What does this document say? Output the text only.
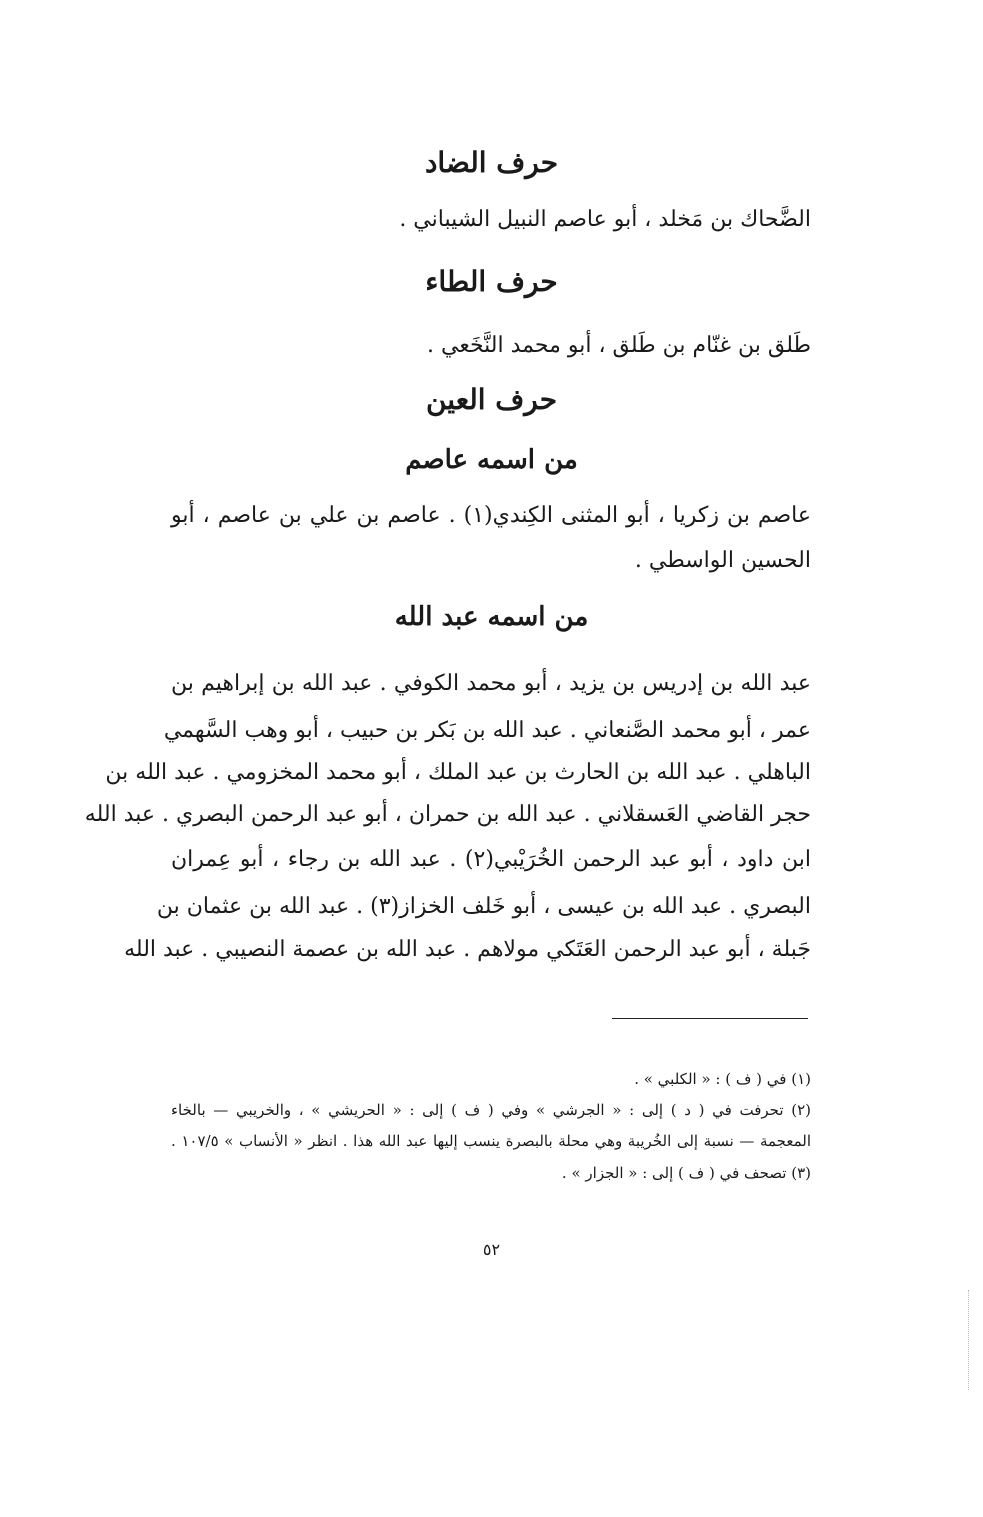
حرف الضاد
الضَّحاك بن مَخلد ، أبو عاصم النبيل الشيباني .
حرف الطاء
طَلق بن غنّام بن طَلق ، أبو محمد النَّخَعي .
حرف العين
من اسمه عاصم
عاصم بن زكريا ، أبو المثنى الكِندي(١) . عاصم بن علي بن عاصم ، أبو
الحسين الواسطي .
من اسمه عبد الله
عبد الله بن إدريس بن يزيد ، أبو محمد الكوفي . عبد الله بن إبراهيم بن
عمر ، أبو محمد الصَّنعاني . عبد الله بن بَكر بن حبيب ، أبو وهب السَّهمي
الباهلي . عبد الله بن الحارث بن عبد الملك ، أبو محمد المخزومي . عبد الله بن
حجر القاضي العَسقلاني . عبد الله بن حمران ، أبو عبد الرحمن البصري . عبد الله
ابن داود ، أبو عبد الرحمن الخُرَيْبي(٢) . عبد الله بن رجاء ، أبو عِمران
البصري . عبد الله بن عيسى ، أبو خَلف الخزاز(٣) . عبد الله بن عثمان بن
جَبلة ، أبو عبد الرحمن العَتَكي مولاهم . عبد الله بن عصمة النصيبي . عبد الله
(١) في ( ف ) : « الكلبي » .
(٢) تحرفت في ( د ) إلى : « الجرشي » وفي ( ف ) إلى : « الحريشي » ، والخريبي — بالخاء
المعجمة — نسبة إلى الخُريبة وهي محلة بالبصرة ينسب إليها عبد الله هذا . انظر « الأنساب » ١٠٧/٥ .
(٣) تصحف في ( ف ) إلى : « الجزار » .
٥٢
